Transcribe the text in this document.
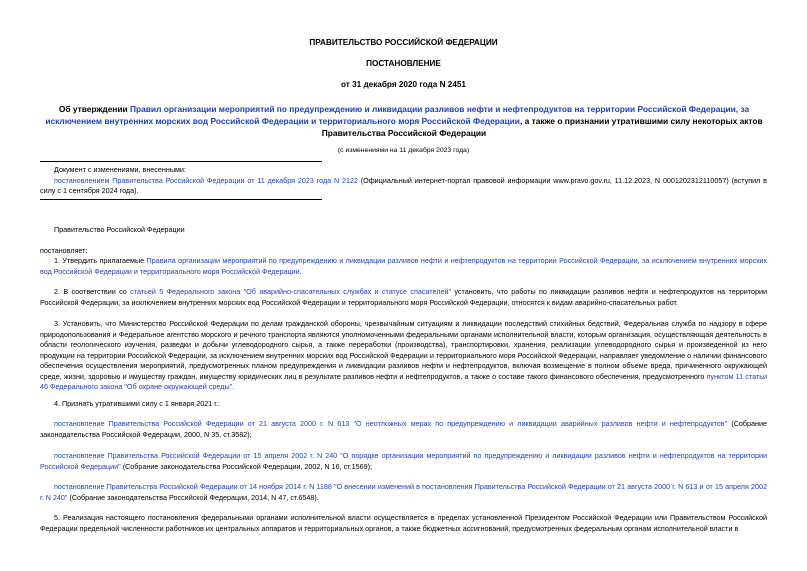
ПРАВИТЕЛЬСТВО РОССИЙСКОЙ ФЕДЕРАЦИИ
ПОСТАНОВЛЕНИЕ
от 31 декабря 2020 года N 2451
Об утверждении Правил организации мероприятий по предупреждению и ликвидации разливов нефти и нефтепродуктов на территории Российской Федерации, за исключением внутренних морских вод Российской Федерации и территориального моря Российской Федерации, а также о признании утратившими силу некоторых актов Правительства Российской Федерации
(с изменениями на 11 декабря 2023 года)

Документ с изменениями, внесенными:

постановлением Правительства Российской Федерации от 11 декабря 2023 года N 2122 (Официальный интернет-портал правовой информации www.pravo.gov.ru, 11.12.2023, N 0001202312110057) (вступил в силу с 1 сентября 2024 года).

Правительство Российской Федерации

постановляет:

1. Утвердить прилагаемые Правила организации мероприятий по предупреждению и ликвидации разливов нефти и нефтепродуктов на территории Российской Федерации, за исключением внутренних морских вод Российской Федерации и территориального моря Российской Федерации.

2. В соответствии со статьей 5 Федерального закона "Об аварийно-спасательных службах и статусе спасателей" установить, что работы по ликвидации разливов нефти и нефтепродуктов на территории Российской Федерации, за исключением внутренних морских вод Российской Федерации и территориального моря Российской Федерации, относятся к видам аварийно-спасательных работ.

3. Установить, что Министерство Российской Федерации по делам гражданской обороны, чрезвычайным ситуациям и ликвидации последствий стихийных бедствий, Федеральная служба по надзору в сфере природопользования и Федеральное агентство морского и речного транспорта являются уполномоченными федеральными органами исполнительной власти, которым организация, осуществляющая деятельность в области геологического изучения, разведки и добычи углеводородного сырья, а также переработки (производства), транспортировки, хранения, реализации углеводородного сырья и произведенной из него продукции на территории Российской Федерации, за исключением внутренних морских вод Российской Федерации и территориального моря Российской Федерации, направляет уведомление о наличии финансового обеспечения осуществления мероприятий, предусмотренных планом предупреждения и ликвидации разливов нефти и нефтепродуктов, включая возмещение в полном объеме вреда, причиненного окружающей среде, жизни, здоровью и имуществу граждан, имуществу юридических лиц в результате разливов нефти и нефтепродуктов, а также о составе такого финансового обеспечения, предусмотренного пунктом 11 статьи 46 Федерального закона "Об охране окружающей среды".

4. Признать утратившими силу с 1 января 2021 г.:

постановление Правительства Российской Федерации от 21 августа 2000 г. N 613 "О неотложных мерах по предупреждению и ликвидации аварийных разливов нефти и нефтепродуктов" (Собрание законодательства Российской Федерации, 2000, N 35, ст.3582);

постановление Правительства Российской Федерации от 15 апреля 2002 г. N 240 "О порядке организации мероприятий по предупреждению и ликвидации разливов нефти и нефтепродуктов на территории Российской Федерации" (Собрание законодательства Российской Федерации, 2002, N 16, ст.1569);

постановление Правительства Российской Федерации от 14 ноября 2014 г. N 1188 "О внесении изменений в постановления Правительства Российской Федерации от 21 августа 2000 г. N 613 и от 15 апреля 2002 г. N 240" (Собрание законодательства Российской Федерации, 2014, N 47, ст.6548).

5. Реализация настоящего постановления федеральными органами исполнительной власти осуществляется в пределах установленной Президентом Российской Федерации или Правительством Российской Федерации предельной численности работников их центральных аппаратов и территориальных органов, а также бюджетных ассигнований, предусмотренных федеральным органам исполнительной власти в
